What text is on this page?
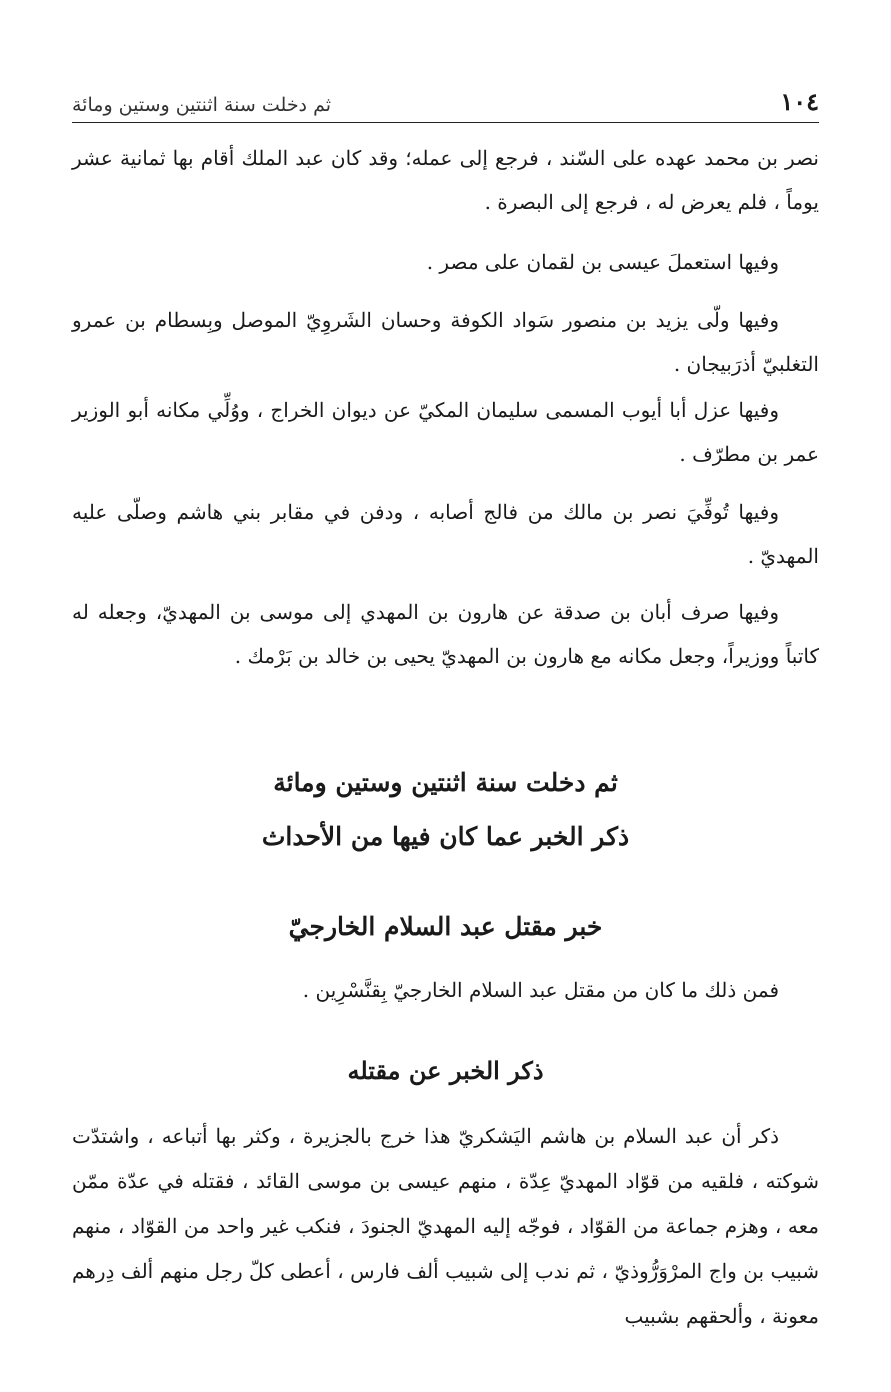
١٠٤
ثم دخلت سنة اثنتين وستين ومائة

نصر بن محمد عهده على السّند ، فرجع إلى عمله؛ وقد كان عبد الملك أقام بها ثمانية عشر يوماً ، فلم يعرض له ، فرجع إلى البصرة .

وفيها استعملَ عيسى بن لقمان على مصر .

وفيها ولّى يزيد بن منصور سَواد الكوفة وحسان الشَروِيّ الموصل وبِسطام بن عمرو التغلبيّ أذرَبيجان .

وفيها عزل أبا أيوب المسمى سليمان المكيّ عن ديوان الخراج ، ووُلِّي مكانه أبو الوزير عمر بن مطرّف .

وفيها تُوفِّيَ نصر بن مالك من فالج أصابه ، ودفن في مقابر بني هاشم وصلّى عليه المهديّ .

وفيها صرف أبان بن صدقة عن هارون بن المهدي إلى موسى بن المهديّ، وجعله له كاتباً ووزيراً، وجعل مكانه مع هارون بن المهديّ يحيى بن خالد بن بَرْمك .

ثم دخلت سنة اثنتين وستين ومائة
ذكر الخبر عما كان فيها من الأحداث
خبر مقتل عبد السلام الخارجيّ

فمن ذلك ما كان من مقتل عبد السلام الخارجيّ بِقنَّسْرِين .

ذكر الخبر عن مقتله

ذكر أن عبد السلام بن هاشم اليَشكريّ هذا خرج بالجزيرة ، وكثر بها أتباعه ، واشتدّت شوكته ، فلقيه من قوّاد المهديّ عِدّة ، منهم عيسى بن موسى القائد ، فقتله في عدّة ممّن معه ، وهزم جماعة من القوّاد ، فوجّه إليه المهديّ الجنودَ ، فنكب غير واحد من القوّاد ، منهم شبيب بن واج المرْوَرُّوذيّ ، ثم ندب إلى شبيب ألف فارس ، أعطى كلّ رجل منهم ألف دِرهم معونة ، وألحقهم بشبيب
